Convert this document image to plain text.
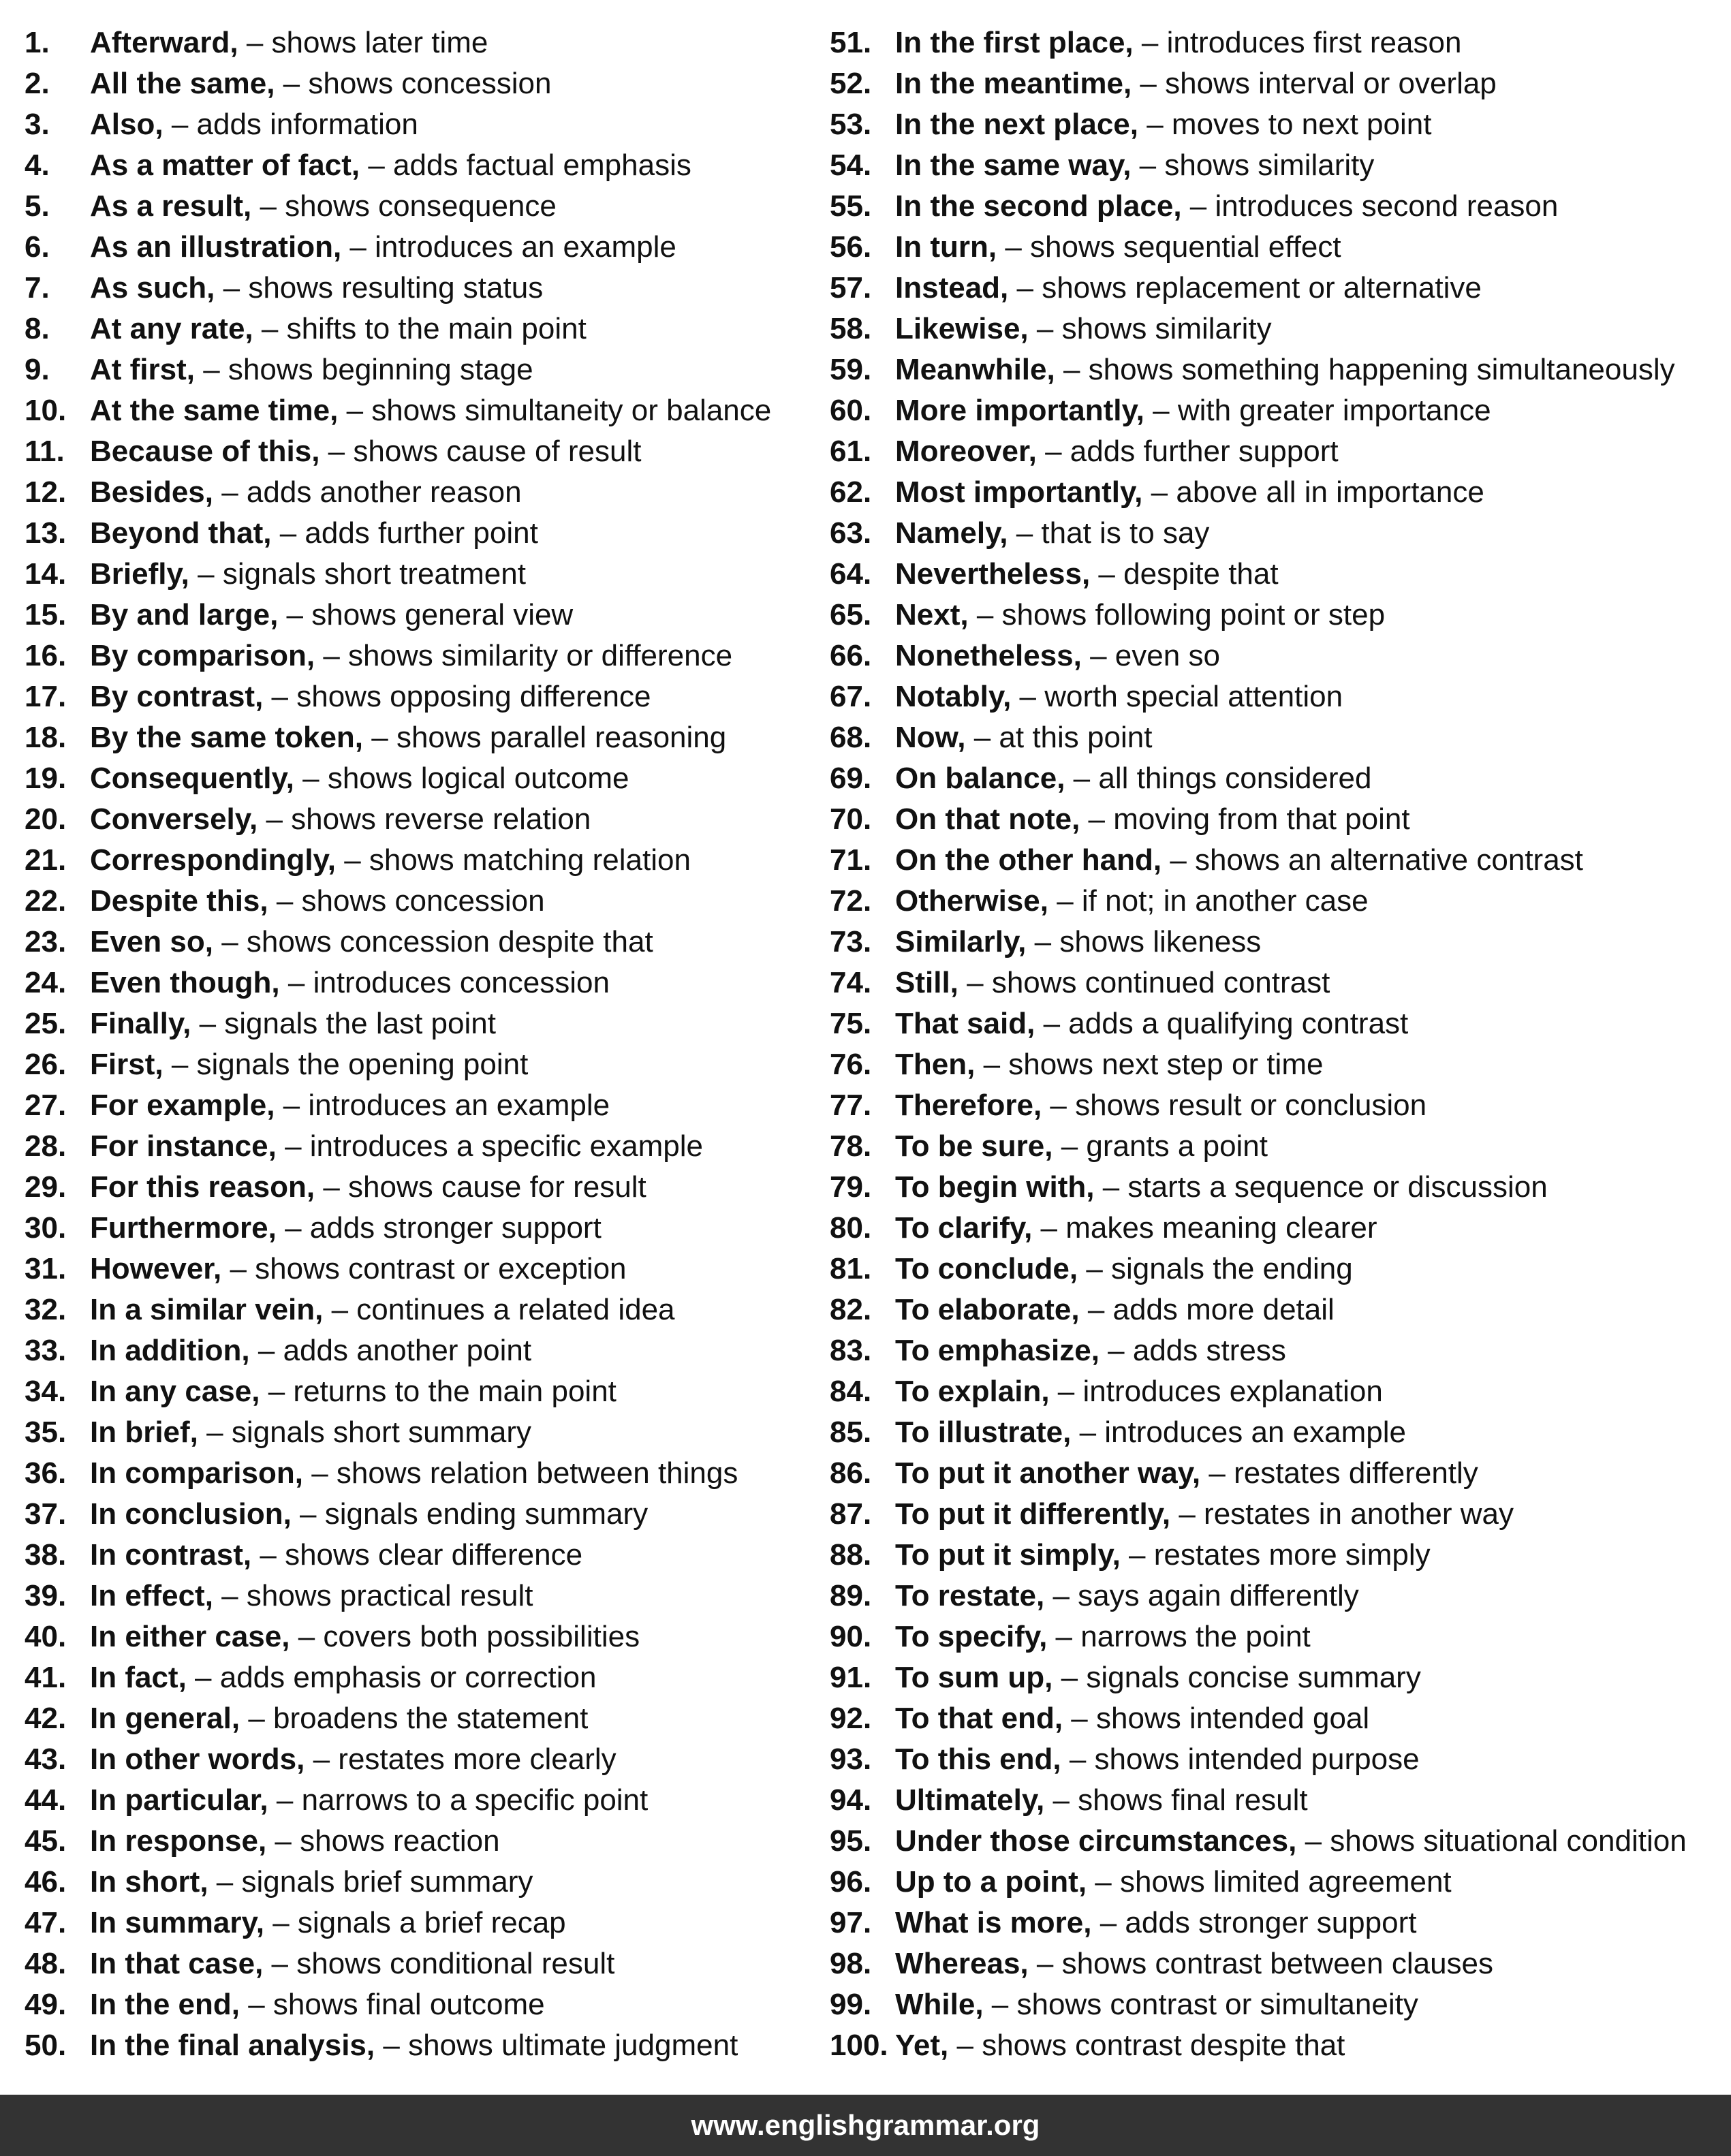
1.	Afterward,
– shows later time
2.	All the same,
– shows concession
3.	Also,
– adds information
4.	As a matter of fact,
– adds factual emphasis
5.	As a result,
– shows consequence
6.	As an illustration,
– introduces an example
7.	As such,
– shows resulting status
8.	At any rate,
– shifts to the main point
9.	At first,
– shows beginning stage
10. At the same time,
– shows simultaneity or balance
11. Because of this,
– shows cause of result
12. Besides,
– adds another reason
13. Beyond that,
– adds further point
14. Briefly,
– signals short treatment
15. By and large,
– shows general view
16. By comparison,
– shows similarity or difference
17. By contrast,
– shows opposing difference
18. By the same token,
– shows parallel reasoning
19. Consequently,
– shows logical outcome
20. Conversely,
– shows reverse relation
21. Correspondingly,
– shows matching relation
22. Despite this,
– shows concession
23. Even so,
– shows concession despite that
24. Even though,
– introduces concession
25. Finally,
– signals the last point
26. First,
– signals the opening point
27. For example,
– introduces an example
28. For instance,
– introduces a specific example
29. For this reason,
– shows cause for result
30. Furthermore,
– adds stronger support
31. However,
– shows contrast or exception
32. In a similar vein,
– continues a related idea
33. In addition,
– adds another point
34. In any case,
– returns to the main point
35. In brief,
– signals short summary
36. In comparison,
– shows relation between things
37. In conclusion,
– signals ending summary
38. In contrast,
– shows clear difference
39. In effect,
– shows practical result
40. In either case,
– covers both possibilities
41. In fact,
– adds emphasis or correction
42. In general,
– broadens the statement
43. In other words,
– restates more clearly
44. In particular,
– narrows to a specific point
45. In response,
– shows reaction
46. In short,
– signals brief summary
47. In summary,
– signals a brief recap
48. In that case,
– shows conditional result
49. In the end,
– shows final outcome
50. In the final analysis,
– shows ultimate judgment
51. In the first place,
– introduces first reason
52. In the meantime,
– shows interval or overlap
53. In the next place,
– moves to next point
54. In the same way,
– shows similarity
55. In the second place,
– introduces second reason
56. In turn,
– shows sequential effect
57. Instead,
– shows replacement or alternative
58. Likewise,
– shows similarity
59. Meanwhile,
– shows something happening simultaneously
60. More importantly,
– with greater importance
61. Moreover,
– adds further support
62. Most importantly,
– above all in importance
63. Namely,
– that is to say
64. Nevertheless,
– despite that
65. Next,
– shows following point or step
66. Nonetheless,
– even so
67. Notably,
– worth special attention
68. Now,
– at this point
69. On balance,
– all things considered
70. On that note,
– moving from that point
71. On the other hand,
– shows an alternative contrast
72. Otherwise,
– if not; in another case
73. Similarly,
– shows likeness
74. Still,
– shows continued contrast
75. That said,
– adds a qualifying contrast
76. Then,
– shows next step or time
77. Therefore,
– shows result or conclusion
78. To be sure,
– grants a point
79. To begin with,
– starts a sequence or discussion
80. To clarify,
– makes meaning clearer
81. To conclude,
– signals the ending
82. To elaborate,
– adds more detail
83. To emphasize,
– adds stress
84. To explain,
– introduces explanation
85. To illustrate,
– introduces an example
86. To put it another way,
– restates differently
87. To put it differently,
– restates in another way
88. To put it simply,
– restates more simply
89. To restate,
– says again differently
90. To specify,
– narrows the point
91. To sum up,
– signals concise summary
92. To that end,
– shows intended goal
93. To this end,
– shows intended purpose
94. Ultimately,
– shows final result
95. Under those circumstances,
– shows situational condition
96. Up to a point,
– shows limited agreement
97. What is more,
– adds stronger support
98. Whereas,
– shows contrast between clauses
99. While,
– shows contrast or simultaneity
100. Yet,
– shows contrast despite that
www.englishgrammar.org
